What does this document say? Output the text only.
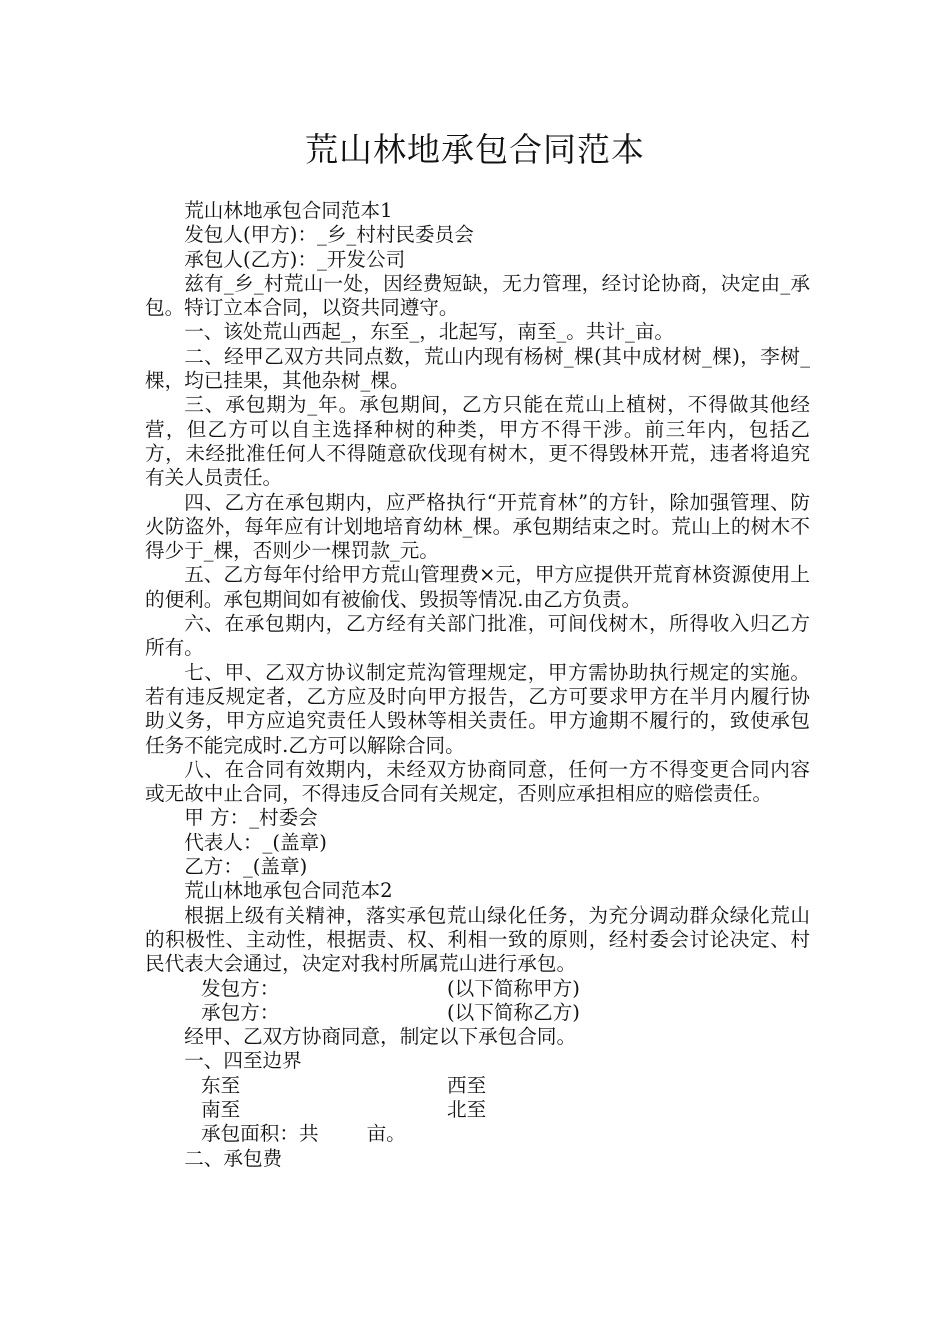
荒山林地承包合同范本

荒山林地承包合同范本1

发包人(甲方)：_乡_村村民委员会

承包人(乙方)：_开发公司

兹有_乡_村荒山一处，因经费短缺，无力管理，经讨论协商，决定由_承包。特订立本合同，以资共同遵守。

一、该处荒山西起_，东至_，北起写，南至_。共计_亩。

二、经甲乙双方共同点数，荒山内现有杨树_棵(其中成材树_棵)，李树_棵，均已挂果，其他杂树_棵。

三、承包期为_年。承包期间，乙方只能在荒山上植树，不得做其他经营，但乙方可以自主选择种树的种类，甲方不得干涉。前三年内，包括乙方，未经批准任何人不得随意砍伐现有树木，更不得毁林开荒，违者将追究有关人员责任。

四、乙方在承包期内，应严格执行“开荒育林”的方针，除加强管理、防火防盗外，每年应有计划地培育幼林_棵。承包期结束之时。荒山上的树木不得少于_棵，否则少一棵罚款_元。

五、乙方每年付给甲方荒山管理费×元，甲方应提供开荒育林资源使用上的便利。承包期间如有被偷伐、毁损等情况.由乙方负责。

六、在承包期内，乙方经有关部门批准，可间伐树木，所得收入归乙方所有。

七、甲、乙双方协议制定荒沟管理规定，甲方需协助执行规定的实施。若有违反规定者，乙方应及时向甲方报告，乙方可要求甲方在半月内履行协助义务，甲方应追究责任人毁林等相关责任。甲方逾期不履行的，致使承包任务不能完成时.乙方可以解除合同。

八、在合同有效期内，未经双方协商同意，任何一方不得变更合同内容或无故中止合同，不得违反合同有关规定，否则应承担相应的赔偿责任。

甲 方：_村委会

代表人：_(盖章)

乙方：_(盖章)

荒山林地承包合同范本2

根据上级有关精神，落实承包荒山绿化任务，为充分调动群众绿化荒山的积极性、主动性，根据责、权、利相一致的原则，经村委会讨论决定、村民代表大会通过，决定对我村所属荒山进行承包。

发包方：	(以下简称甲方)

承包方：	(以下简称乙方)

经甲、乙双方协商同意，制定以下承包合同。

一、四至边界

东至	西至

南至	北至

承包面积：共 亩。

二、承包费
